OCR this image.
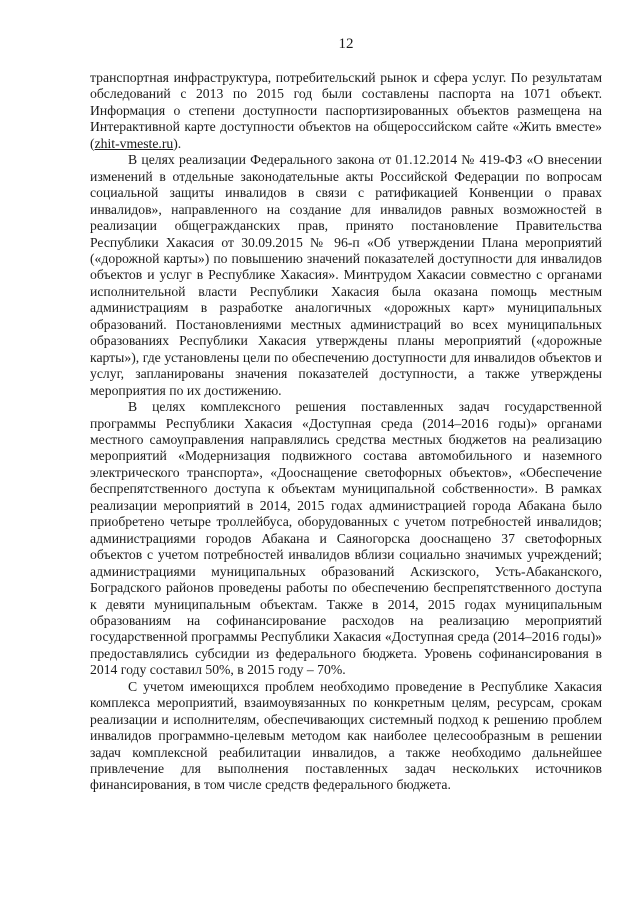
12

транспортная инфраструктура, потребительский рынок и сфера услуг. По результатам обследований с 2013 по 2015 год были составлены паспорта на 1071 объект. Информация о степени доступности паспортизированных объектов размещена на Интерактивной карте доступности объектов на общероссийском сайте «Жить вместе» (zhit-vmeste.ru).

В целях реализации Федерального закона от 01.12.2014 № 419-ФЗ «О внесении изменений в отдельные законодательные акты Российской Федерации по вопросам социальной защиты инвалидов в связи с ратификацией Конвенции о правах инвалидов», направленного на создание для инвалидов равных возможностей в реализации общегражданских прав, принято постановление Правительства Республики Хакасия от 30.09.2015 № 96-п «Об утверждении Плана мероприятий («дорожной карты») по повышению значений показателей доступности для инвалидов объектов и услуг в Республике Хакасия». Минтрудом Хакасии совместно с органами исполнительной власти Республики Хакасия была оказана помощь местным администрациям в разработке аналогичных «дорожных карт» муниципальных образований. Постановлениями местных администраций во всех муниципальных образованиях Республики Хакасия утверждены планы мероприятий («дорожные карты»), где установлены цели по обеспечению доступности для инвалидов объектов и услуг, запланированы значения показателей доступности, а также утверждены мероприятия по их достижению.

В целях комплексного решения поставленных задач государственной программы Республики Хакасия «Доступная среда (2014–2016 годы)» органами местного самоуправления направлялись средства местных бюджетов на реализацию мероприятий «Модернизация подвижного состава автомобильного и наземного электрического транспорта», «Дооснащение светофорных объектов», «Обеспечение беспрепятственного доступа к объектам муниципальной собственности». В рамках реализации мероприятий в 2014, 2015 годах администрацией города Абакана было приобретено четыре троллейбуса, оборудованных с учетом потребностей инвалидов; администрациями городов Абакана и Саяногорска дооснащено 37 светофорных объектов с учетом потребностей инвалидов вблизи социально значимых учреждений; администрациями муниципальных образований Аскизского, Усть-Абаканского, Боградского районов проведены работы по обеспечению беспрепятственного доступа к девяти муниципальным объектам. Также в 2014, 2015 годах муниципальным образованиям на софинансирование расходов на реализацию мероприятий государственной программы Республики Хакасия «Доступная среда (2014–2016 годы)» предоставлялись субсидии из федерального бюджета. Уровень софинансирования в 2014 году составил 50%, в 2015 году – 70%.

С учетом имеющихся проблем необходимо проведение в Республике Хакасия комплекса мероприятий, взаимоувязанных по конкретным целям, ресурсам, срокам реализации и исполнителям, обеспечивающих системный подход к решению проблем инвалидов программно-целевым методом как наиболее целесообразным в решении задач комплексной реабилитации инвалидов, а также необходимо дальнейшее привлечение для выполнения поставленных задач нескольких источников финансирования, в том числе средств федерального бюджета.
